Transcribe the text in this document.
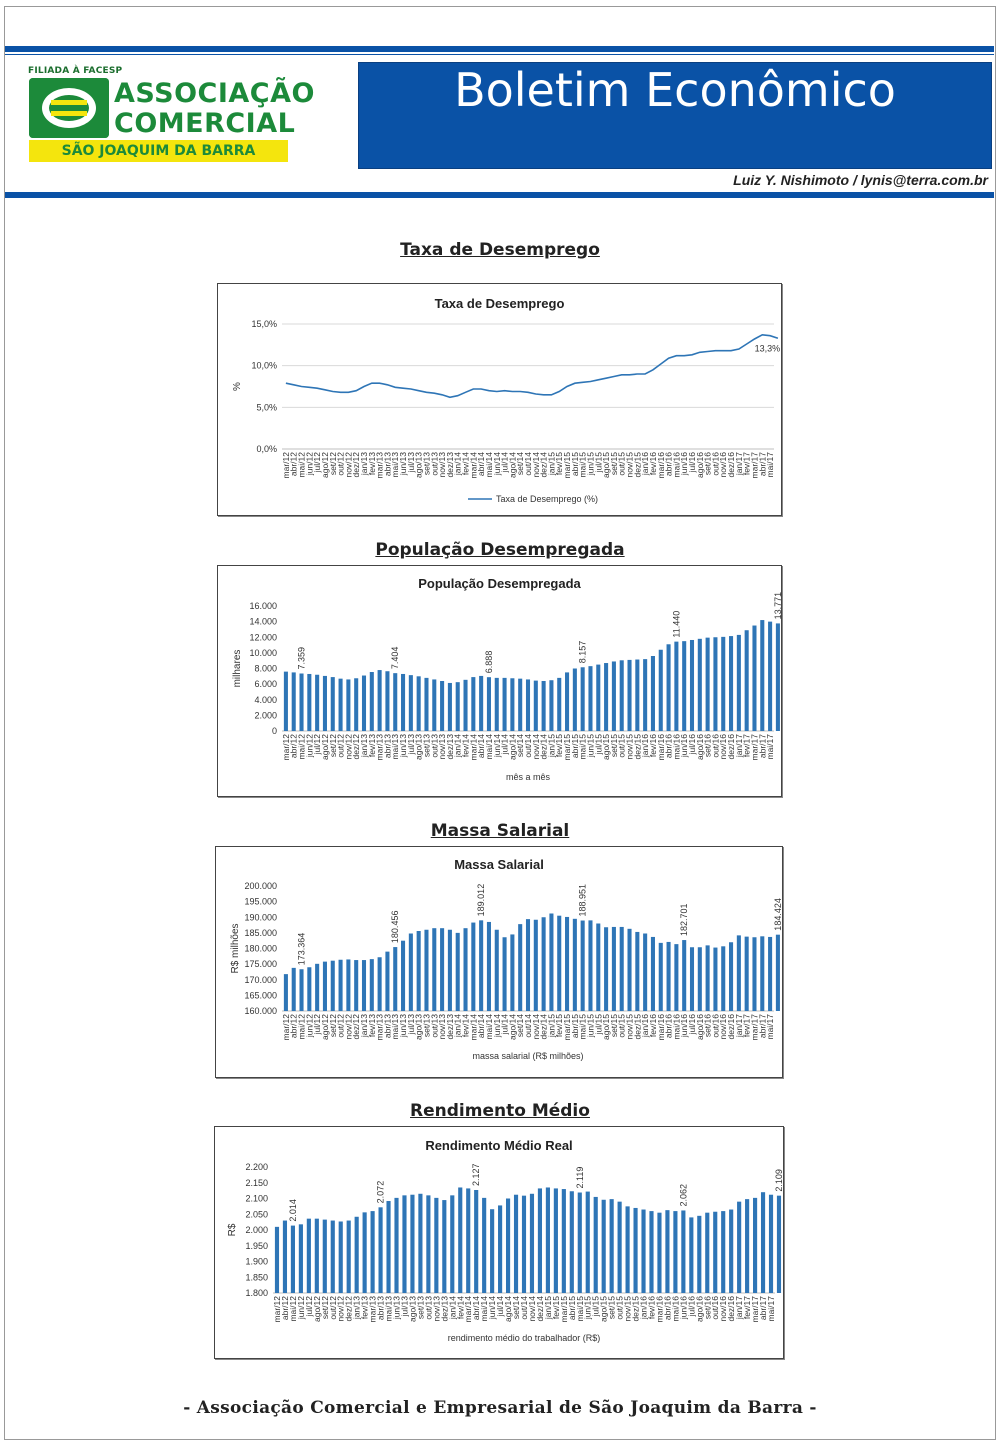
FILIADA À FACESP
ASSOCIAÇÃO
COMERCIAL
SÃO JOAQUIM DA BARRA
Boletim Econômico
Luiz Y. Nishimoto / lynis@terra.com.br
Taxa de Desemprego
Taxa de Desemprego
0,0%
5,0%
10,0%
15,0%
%
mar/12
abr/12
mai/12
jun/12
jul/12
ago/12
set/12
out/12
nov/12
dez/12
jan/13
fev/13
mar/13
abr/13
mai/13
jun/13
jul/13
ago/13
set/13
out/13
nov/13
dez/13
jan/14
fev/14
mar/14
abr/14
mai/14
jun/14
jul/14
ago/14
set/14
out/14
nov/14
dez/14
jan/15
fev/15
mar/15
abr/15
mai/15
jun/15
jul/15
ago/15
set/15
out/15
nov/15
dez/15
jan/16
fev/16
mar/16
abr/16
mai/16
jun/16
jul/16
ago/16
set/16
out/16
nov/16
dez/16
jan/17
fev/17
mar/17
abr/17
mai/17
13,3%
Taxa de Desemprego (%)
População Desempregada
População Desempregada
0
2.000
4.000
6.000
8.000
10.000
12.000
14.000
16.000
milhares
mar/12
abr/12
mai/12
jun/12
jul/12
ago/12
set/12
out/12
nov/12
dez/12
jan/13
fev/13
mar/13
abr/13
mai/13
jun/13
jul/13
ago/13
set/13
out/13
nov/13
dez/13
jan/14
fev/14
mar/14
abr/14
mai/14
jun/14
jul/14
ago/14
set/14
out/14
nov/14
dez/14
jan/15
fev/15
mar/15
abr/15
mai/15
jun/15
jul/15
ago/15
set/15
out/15
nov/15
dez/15
jan/16
fev/16
mar/16
abr/16
mai/16
jun/16
jul/16
ago/16
set/16
out/16
nov/16
dez/16
jan/17
fev/17
mar/17
abr/17
mai/17
7.359	7.404	6.888	8.157
11.440
13.771
mês a mês
Massa Salarial
Massa Salarial
160.000
165.000
170.000
175.000
180.000
185.000
190.000
195.000
200.000
R$ milhões
mar/12
abr/12
mai/12
jun/12
jul/12
ago/12
set/12
out/12
nov/12
dez/12
jan/13
fev/13
mar/13
abr/13
mai/13
jun/13
jul/13
ago/13
set/13
out/13
nov/13
dez/13
jan/14
fev/14
mar/14
abr/14
mai/14
jun/14
jul/14
ago/14
set/14
out/14
nov/14
dez/14
jan/15
fev/15
mar/15
abr/15
mai/15
jun/15
jul/15
ago/15
set/15
out/15
nov/15
dez/15
jan/16
fev/16
mar/16
abr/16
mai/16
jun/16
jul/16
ago/16
set/16
out/16
nov/16
dez/16
jan/17
fev/17
mar/17
abr/17
mai/17
173.364
180.456
189.012	188.951
182.701	184.424
massa salarial (R$ milhões)
Rendimento Médio
Rendimento Médio Real
1.800
1.850
1.900
1.950
2.000
2.050
2.100
2.150
2.200
R$
mar/12
abr/12
mai/12
jun/12
jul/12
ago/12
set/12
out/12
nov/12
dez/12
jan/13
fev/13
mar/13
abr/13
mai/13
jun/13
jul/13
ago/13
set/13
out/13
nov/13
dez/13
jan/14
fev/14
mar/14
abr/14
mai/14
jun/14
jul/14
ago/14
set/14
out/14
nov/14
dez/14
jan/15
fev/15
mar/15
abr/15
mai/15
jun/15
jul/15
ago/15
set/15
out/15
nov/15
dez/15
jan/16
fev/16
mar/16
abr/16
mai/16
jun/16
jul/16
ago/16
set/16
out/16
nov/16
dez/16
jan/17
fev/17
mar/17
abr/17
mai/17
2.014
2.072
2.127	2.119
2.062
2.109
rendimento médio do trabalhador (R$)
- Associação Comercial e Empresarial de São Joaquim da Barra -
